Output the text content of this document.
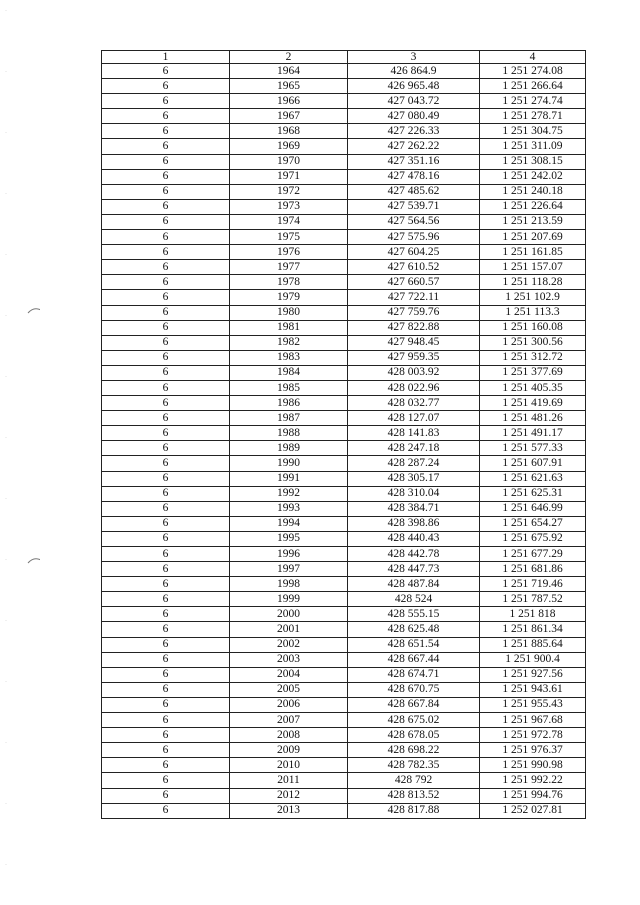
1	2	3	4
6	1964	426 864.9	1 251 274.08
6	1965	426 965.48	1 251 266.64
6	1966	427 043.72	1 251 274.74
6	1967	427 080.49	1 251 278.71
6	1968	427 226.33	1 251 304.75
6	1969	427 262.22	1 251 311.09
6	1970	427 351.16	1 251 308.15
6	1971	427 478.16	1 251 242.02
6	1972	427 485.62	1 251 240.18
6	1973	427 539.71	1 251 226.64
6	1974	427 564.56	1 251 213.59
6	1975	427 575.96	1 251 207.69
6	1976	427 604.25	1 251 161.85
6	1977	427 610.52	1 251 157.07
6	1978	427 660.57	1 251 118.28
6	1979	427 722.11	1 251 102.9
6	1980	427 759.76	1 251 113.3
6	1981	427 822.88	1 251 160.08
6	1982	427 948.45	1 251 300.56
6	1983	427 959.35	1 251 312.72
6	1984	428 003.92	1 251 377.69
6	1985	428 022.96	1 251 405.35
6	1986	428 032.77	1 251 419.69
6	1987	428 127.07	1 251 481.26
6	1988	428 141.83	1 251 491.17
6	1989	428 247.18	1 251 577.33
6	1990	428 287.24	1 251 607.91
6	1991	428 305.17	1 251 621.63
6	1992	428 310.04	1 251 625.31
6	1993	428 384.71	1 251 646.99
6	1994	428 398.86	1 251 654.27
6	1995	428 440.43	1 251 675.92
6	1996	428 442.78	1 251 677.29
6	1997	428 447.73	1 251 681.86
6	1998	428 487.84	1 251 719.46
6	1999	428 524	1 251 787.52
6	2000	428 555.15	1 251 818
6	2001	428 625.48	1 251 861.34
6	2002	428 651.54	1 251 885.64
6	2003	428 667.44	1 251 900.4
6	2004	428 674.71	1 251 927.56
6	2005	428 670.75	1 251 943.61
6	2006	428 667.84	1 251 955.43
6	2007	428 675.02	1 251 967.68
6	2008	428 678.05	1 251 972.78
6	2009	428 698.22	1 251 976.37
6	2010	428 782.35	1 251 990.98
6	2011	428 792	1 251 992.22
6	2012	428 813.52	1 251 994.76
6	2013	428 817.88	1 252 027.81
